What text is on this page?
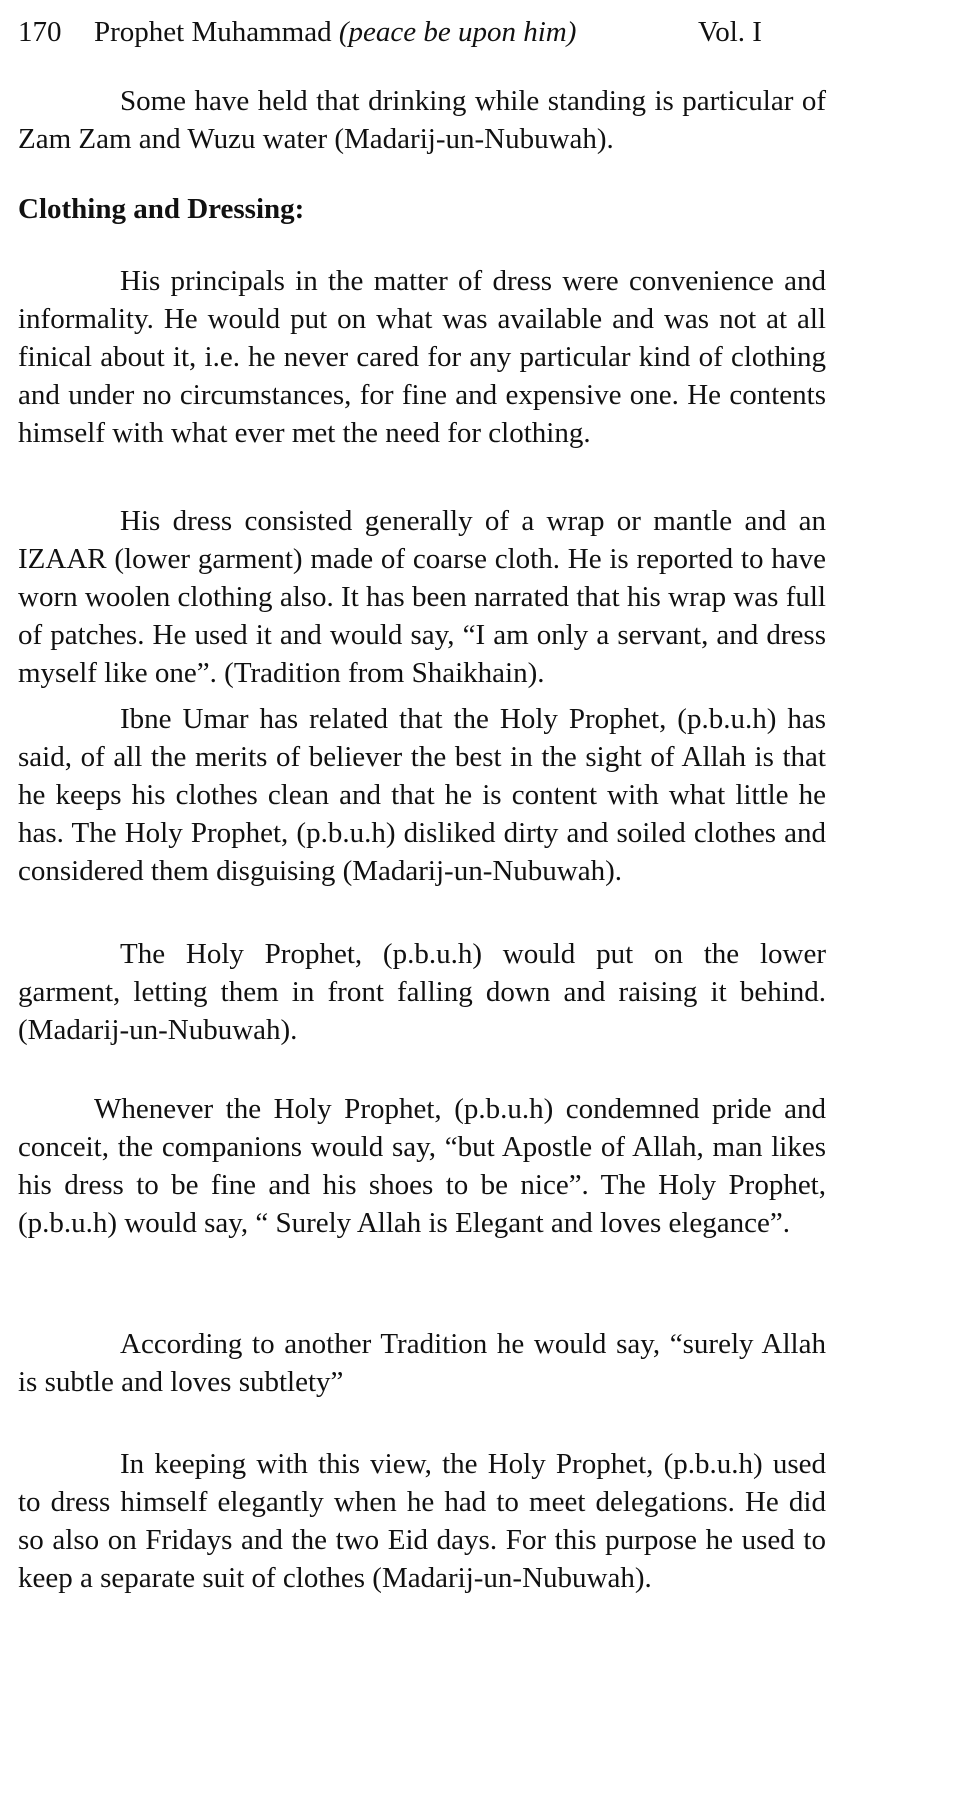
170 Prophet Muhammad (peace be upon him)	Vol. I

Some have held that drinking while standing is particular of Zam Zam and Wuzu water (Madarij-un-Nubuwah).

Clothing and Dressing:

His principals in the matter of dress were convenience and informality. He would put on what was available and was not at all finical about it, i.e. he never cared for any particular kind of clothing and under no circumstances, for fine and expensive one. He contents himself with what ever met the need for clothing.

His dress consisted generally of a wrap or mantle and an IZAAR (lower garment) made of coarse cloth. He is reported to have worn woolen clothing also. It has been narrated that his wrap was full of patches. He used it and would say, “I am only a servant, and dress myself like one”. (Tradition from Shaikhain).

Ibne Umar has related that the Holy Prophet, (p.b.u.h) has said, of all the merits of believer the best in the sight of Allah is that he keeps his clothes clean and that he is content with what little he has. The Holy Prophet, (p.b.u.h) disliked dirty and soiled clothes and considered them disguising (Madarij-un-Nubuwah).

The Holy Prophet, (p.b.u.h) would put on the lower garment, letting them in front falling down and raising it behind. (Madarij-un-Nubuwah).

Whenever the Holy Prophet, (p.b.u.h) condemned pride and conceit, the companions would say, “but Apostle of Allah, man likes his dress to be fine and his shoes to be nice”. The Holy Prophet, (p.b.u.h) would say, “ Surely Allah is Elegant and loves elegance”.

According to another Tradition he would say, “surely Allah is subtle and loves subtlety”

In keeping with this view, the Holy Prophet, (p.b.u.h) used to dress himself elegantly when he had to meet delegations. He did so also on Fridays and the two Eid days. For this purpose he used to keep a separate suit of clothes (Madarij-un-Nubuwah).
